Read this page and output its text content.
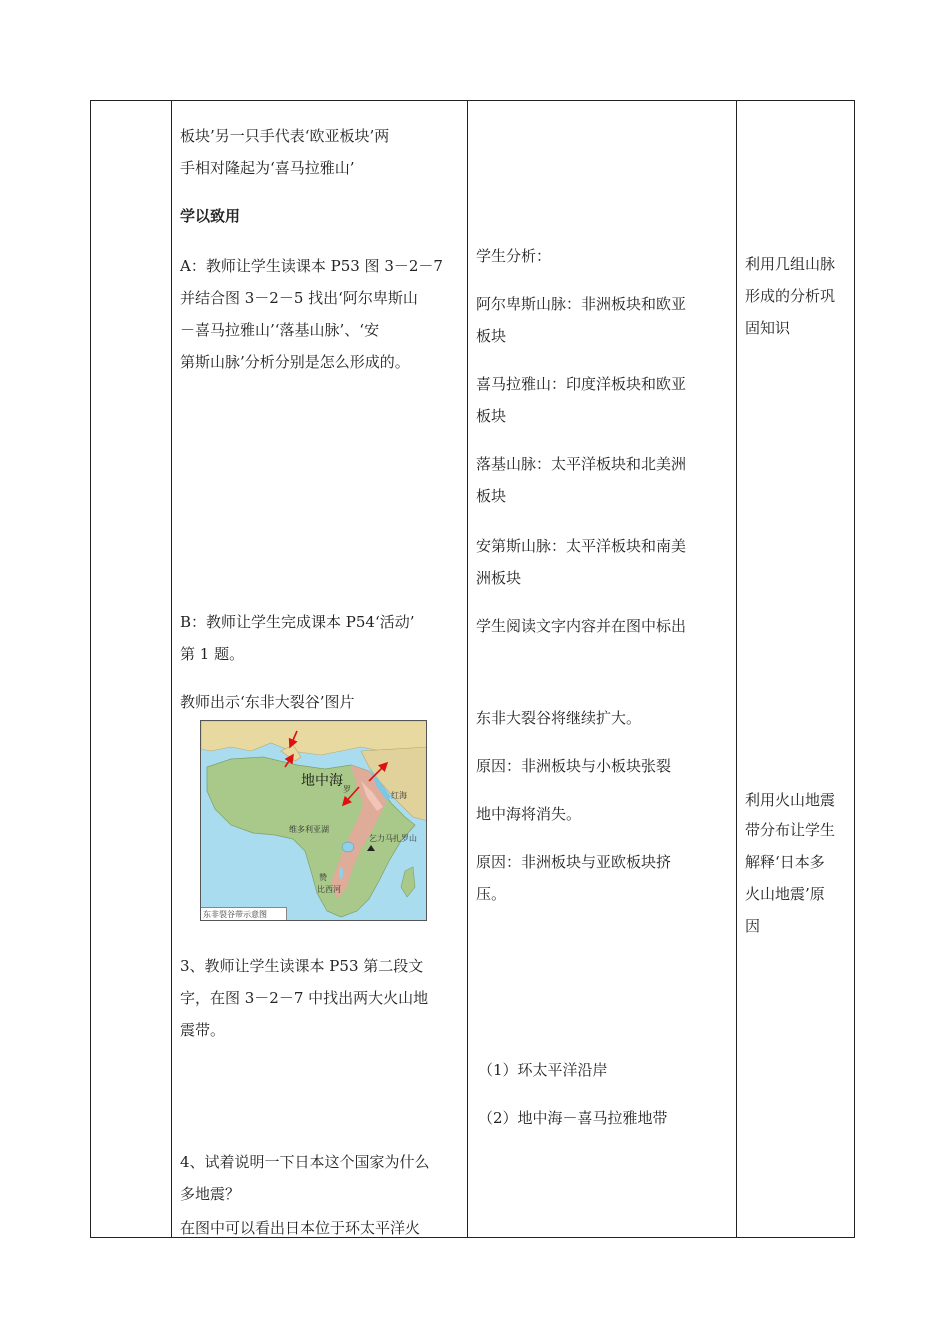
板块’另一只手代表‘欧亚板块’两
手相对隆起为‘喜马拉雅山’
学以致用
A：教师让学生读课本 P53 图 3－2－7
并结合图 3－2－5 找出‘阿尔卑斯山
－喜马拉雅山’‘落基山脉’、‘安
第斯山脉’分析分别是怎么形成的。
B：教师让学生完成课本 P54‘活动’
第 1 题。
教师出示‘东非大裂谷’图片
地中海
红海
罗
维多利亚湖
乞力马扎罗山
赞
比西河
东非裂谷带示意图
3、教师让学生读课本 P53 第二段文
字，在图 3－2－7 中找出两大火山地
震带。
4、试着说明一下日本这个国家为什么
多地震？
在图中可以看出日本位于环太平洋火
学生分析：
阿尔卑斯山脉：非洲板块和欧亚
板块
喜马拉雅山：印度洋板块和欧亚
板块
落基山脉：太平洋板块和北美洲
板块
安第斯山脉：太平洋板块和南美
洲板块
学生阅读文字内容并在图中标出
东非大裂谷将继续扩大。
原因：非洲板块与小板块张裂
地中海将消失。
原因：非洲板块与亚欧板块挤
压。
（1）环太平洋沿岸
（2）地中海－喜马拉雅地带
利用几组山脉
形成的分析巩
固知识
利用火山地震
带分布让学生
解释‘日本多
火山地震’原
因
